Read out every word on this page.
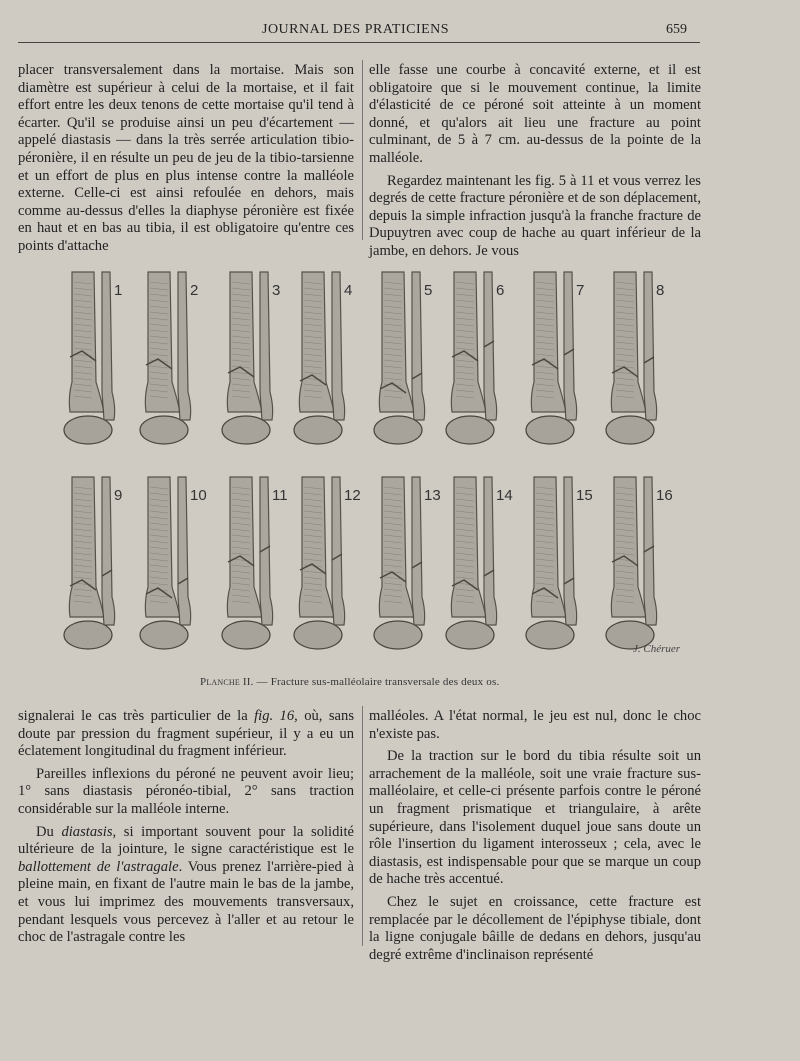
JOURNAL DES PRATICIENS	659

placer transversalement dans la mortaise. Mais son diamètre est supérieur à celui de la mortaise, et il fait effort entre les deux tenons de cette mortaise qu'il tend à écarter. Qu'il se produise ainsi un peu d'écartement — appelé diastasis — dans la très serrée articulation tibio-péronière, il en résulte un peu de jeu de la tibio-tarsienne et un effort de plus en plus intense contre la malléole externe. Celle-ci est ainsi refoulée en dehors, mais comme au-dessus d'elles la diaphyse péronière est fixée en haut et en bas au tibia, il est obligatoire qu'entre ces points d'attache

elle fasse une courbe à concavité externe, et il est obligatoire que si le mouvement continue, la limite d'élasticité de ce péroné soit atteinte à un moment donné, et qu'alors ait lieu une fracture au point culminant, de 5 à 7 cm. au-dessus de la pointe de la malléole.

Regardez maintenant les fig. 5 à 11 et vous verrez les degrés de cette fracture péronière et de son déplacement, depuis la simple infraction jusqu'à la franche fracture de Dupuytren avec coup de hache au quart inférieur de la jambe, en dehors. Je vous

1	2	3	4	5	6	7	8
9	10	11	12	13	14	15	16
Planche II. — Fracture sus-malléolaire transversale des deux os.
J. Chéruer

signalerai le cas très particulier de la fig. 16, où, sans doute par pression du fragment supérieur, il y a eu un éclatement longitudinal du fragment inférieur.

Pareilles inflexions du péroné ne peuvent avoir lieu; 1° sans diastasis péronéo-tibial, 2° sans traction considérable sur la malléole interne.

Du diastasis, si important souvent pour la solidité ultérieure de la jointure, le signe caractéristique est le ballottement de l'astragale. Vous prenez l'arrière-pied à pleine main, en fixant de l'autre main le bas de la jambe, et vous lui imprimez des mouvements transversaux, pendant lesquels vous percevez à l'aller et au retour le choc de l'astragale contre les

malléoles. A l'état normal, le jeu est nul, donc le choc n'existe pas.

De la traction sur le bord du tibia résulte soit un arrachement de la malléole, soit une vraie fracture sus-malléolaire, et celle-ci présente parfois contre le péroné un fragment prismatique et triangulaire, à arête supérieure, dans l'isolement duquel joue sans doute un rôle l'insertion du ligament interosseux ; cela, avec le diastasis, est indispensable pour que se marque un coup de hache très accentué.

Chez le sujet en croissance, cette fracture est remplacée par le décollement de l'épiphyse tibiale, dont la ligne conjugale bâille de dedans en dehors, jusqu'au degré extrême d'inclinaison représenté
